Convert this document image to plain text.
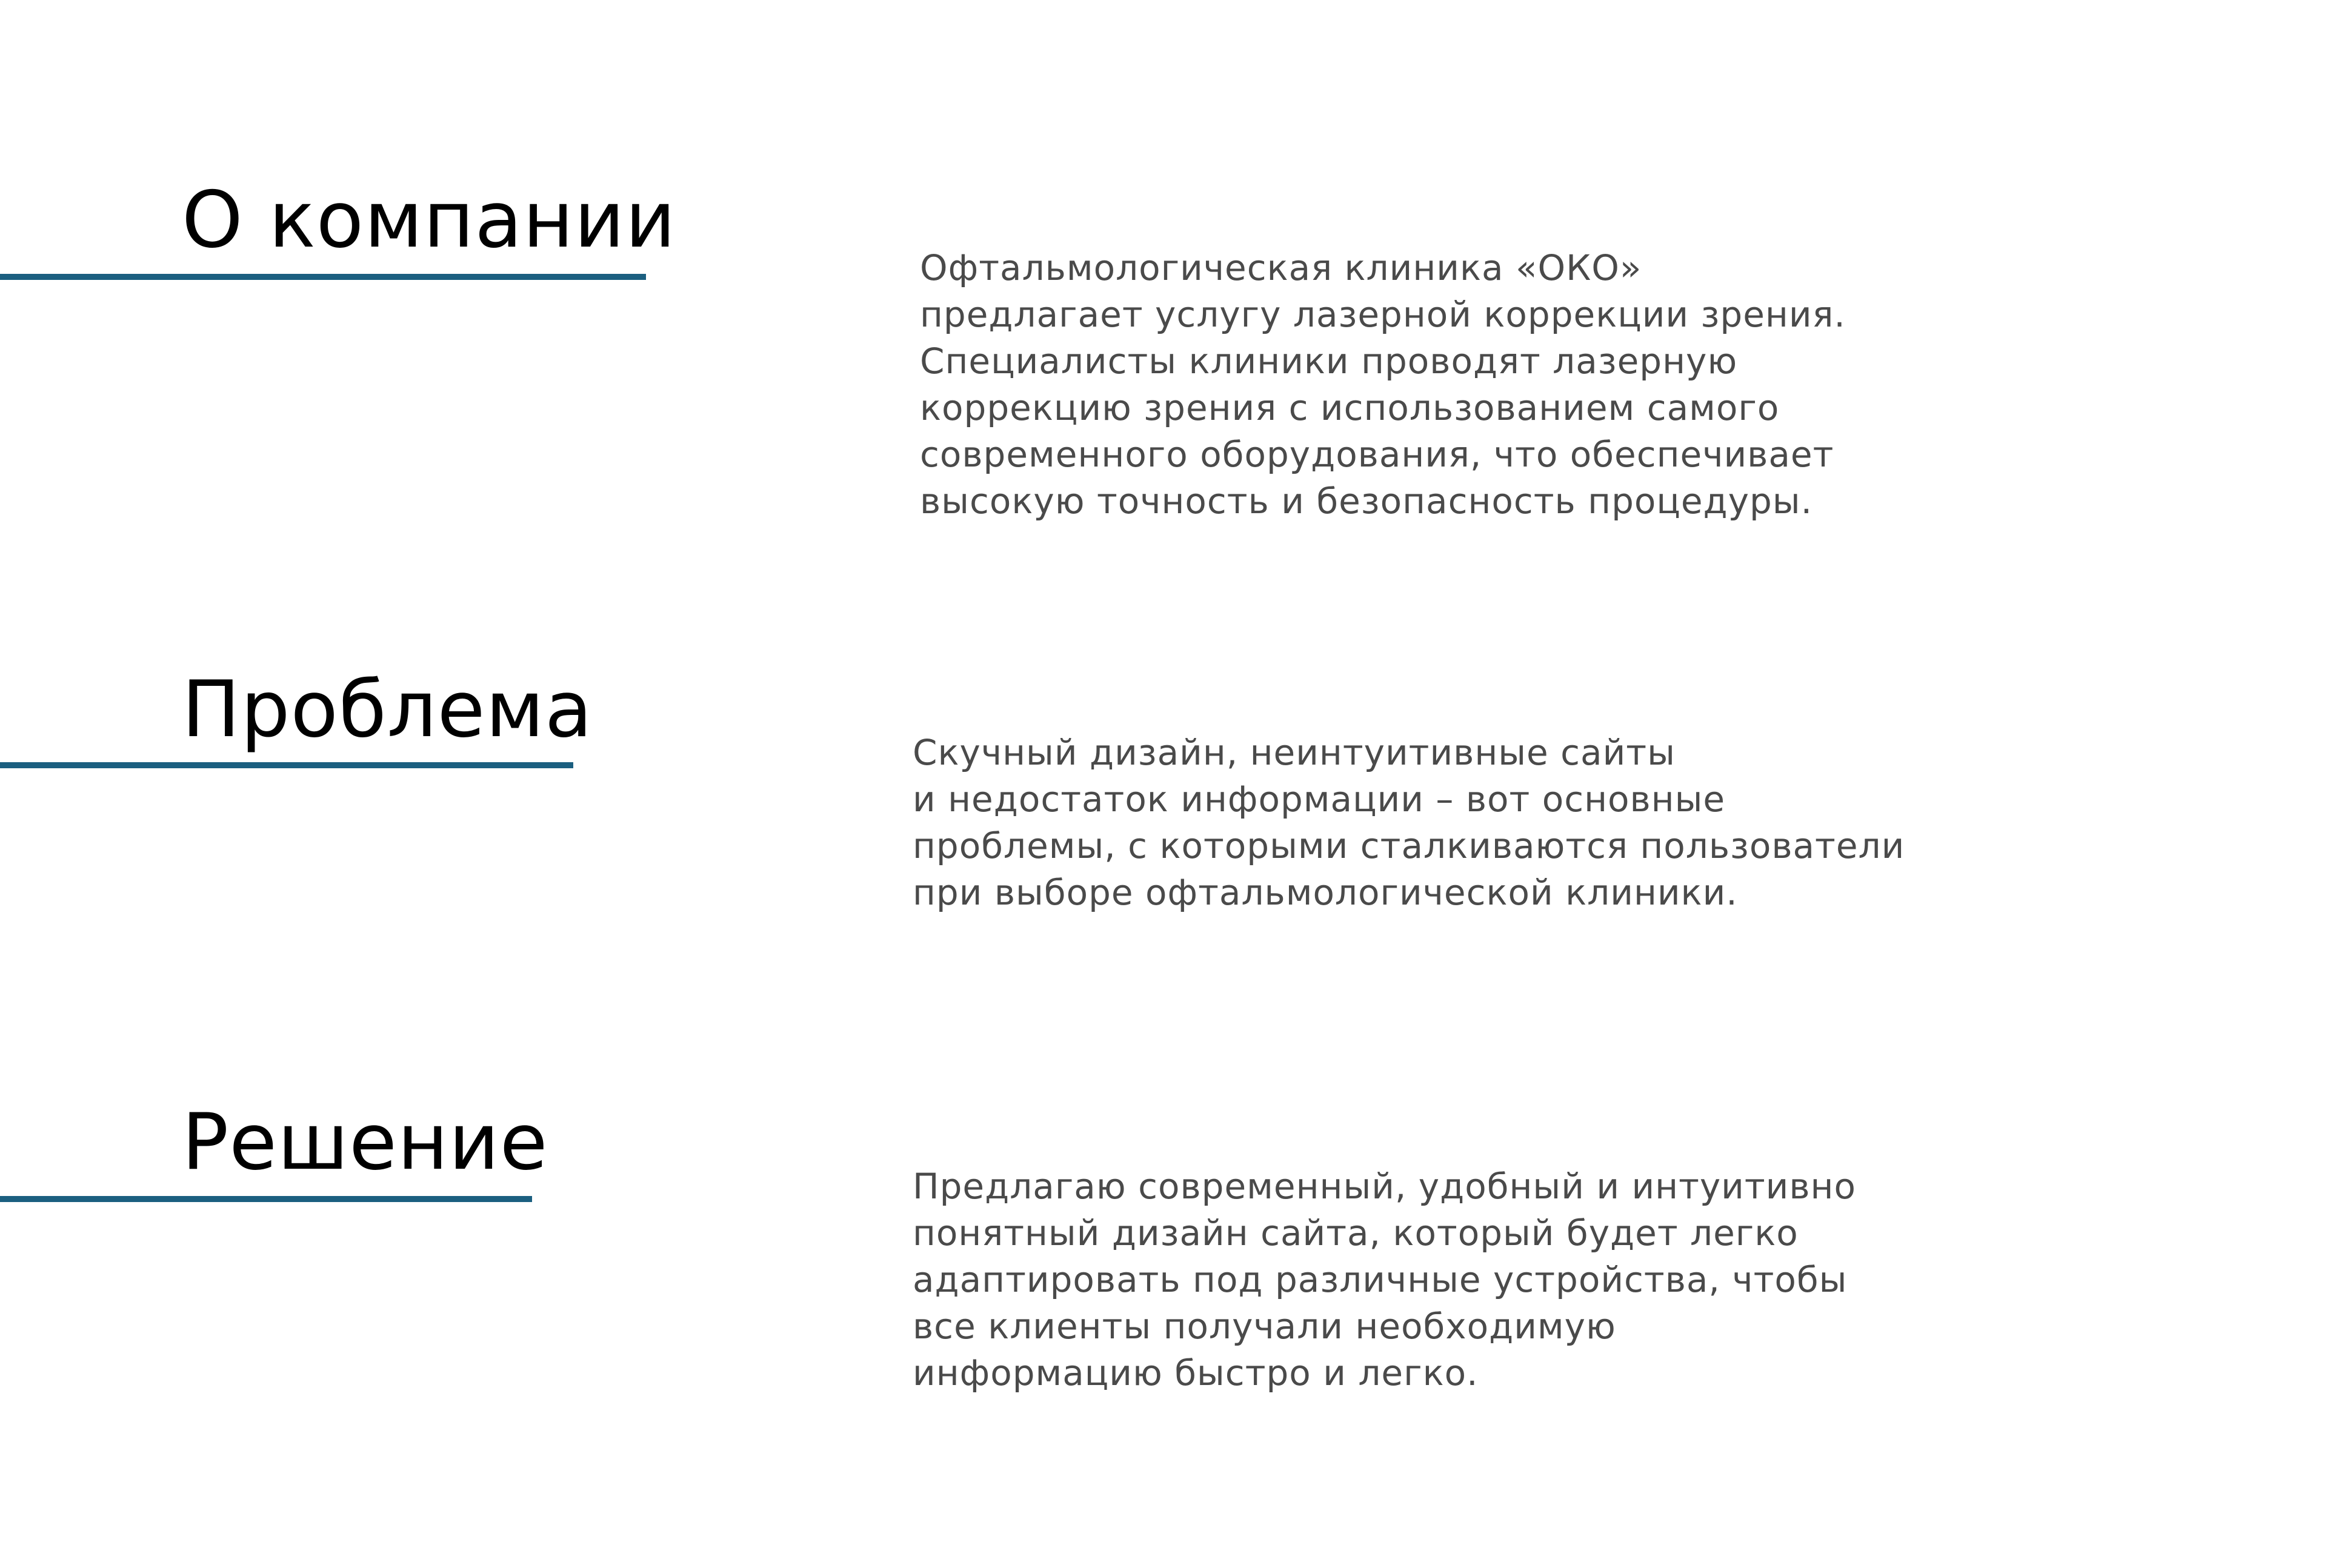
О компании

Офтальмологическая клиника «ОКО»
предлагает услугу лазерной коррекции зрения.
Специалисты клиники проводят лазерную
коррекцию зрения с использованием самого
современного оборудования, что обеспечивает
высокую точность и безопасность процедуры.

Проблема	Скучный дизайн, неинтуитивные сайты
и недостаток информации – вот основные
проблемы, с которыми сталкиваются пользователи
при выборе офтальмологической клиники.

Решение	Предлагаю современный, удобный и интуитивно
понятный дизайн сайта, который будет легко
адаптировать под различные устройства, чтобы
все клиенты получали необходимую
информацию быстро и легко.
